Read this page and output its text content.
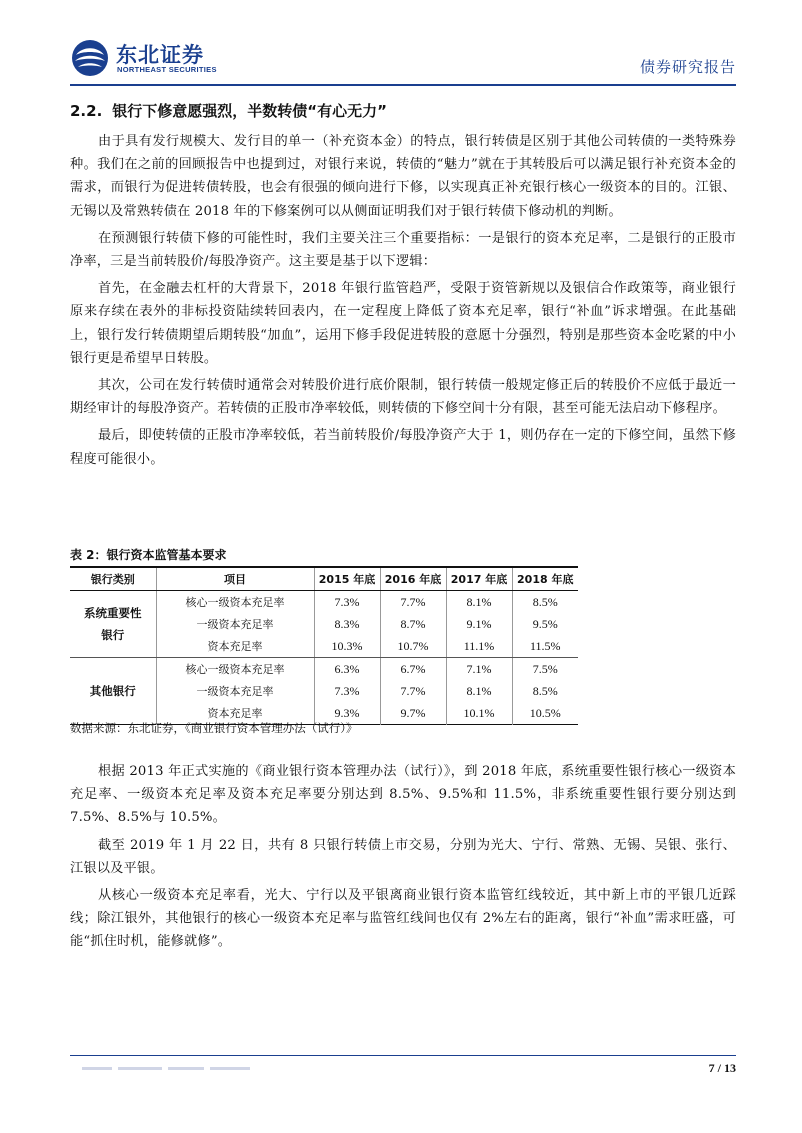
东北证券
NORTHEAST SECURITIES	债券研究报告
2.2. 银行下修意愿强烈，半数转债“有心无力”

由于具有发行规模大、发行目的单一（补充资本金）的特点，银行转债是区别于其他公司转债的一类特殊券种。我们在之前的回顾报告中也提到过，对银行来说，转债的“魅力”就在于其转股后可以满足银行补充资本金的需求，而银行为促进转债转股，也会有很强的倾向进行下修，以实现真正补充银行核心一级资本的目的。江银、无锡以及常熟转债在 2018 年的下修案例可以从侧面证明我们对于银行转债下修动机的判断。

在预测银行转债下修的可能性时，我们主要关注三个重要指标：一是银行的资本充足率，二是银行的正股市净率，三是当前转股价/每股净资产。这主要是基于以下逻辑：

首先，在金融去杠杆的大背景下，2018 年银行监管趋严，受限于资管新规以及银信合作政策等，商业银行原来存续在表外的非标投资陆续转回表内，在一定程度上降低了资本充足率，银行“补血”诉求增强。在此基础上，银行发行转债期望后期转股“加血”，运用下修手段促进转股的意愿十分强烈，特别是那些资本金吃紧的中小银行更是希望早日转股。

其次，公司在发行转债时通常会对转股价进行底价限制，银行转债一般规定修正后的转股价不应低于最近一期经审计的每股净资产。若转债的正股市净率较低，则转债的下修空间十分有限，甚至可能无法启动下修程序。

最后，即使转债的正股市净率较低，若当前转股价/每股净资产大于 1，则仍存在一定的下修空间，虽然下修程度可能很小。

表 2：银行资本监管基本要求
银行类别	项目	2015 年底	2016 年底	2017 年底	2018 年底
系统重要性
银行	核心一级资本充足率	7.3%	7.7%	8.1%	8.5%
	一级资本充足率	8.3%	8.7%	9.1%	9.5%
	资本充足率	10.3%	10.7%	11.1%	11.5%
其他银行	核心一级资本充足率	6.3%	6.7%	7.1%	7.5%
	一级资本充足率	7.3%	7.7%	8.1%	8.5%
	资本充足率	9.3%	9.7%	10.1%	10.5%
数据来源：东北证券，《商业银行资本管理办法（试行）》

根据 2013 年正式实施的《商业银行资本管理办法（试行）》，到 2018 年底，系统重要性银行核心一级资本充足率、一级资本充足率及资本充足率要分别达到 8.5%、9.5%和 11.5%，非系统重要性银行要分别达到 7.5%、8.5%与 10.5%。

截至 2019 年 1 月 22 日，共有 8 只银行转债上市交易，分别为光大、宁行、常熟、无锡、吴银、张行、江银以及平银。

从核心一级资本充足率看，光大、宁行以及平银离商业银行资本监管红线较近，其中新上市的平银几近踩线；除江银外，其他银行的核心一级资本充足率与监管红线间也仅有 2%左右的距离，银行“补血”需求旺盛，可能“抓住时机，能修就修”。

7 / 13
